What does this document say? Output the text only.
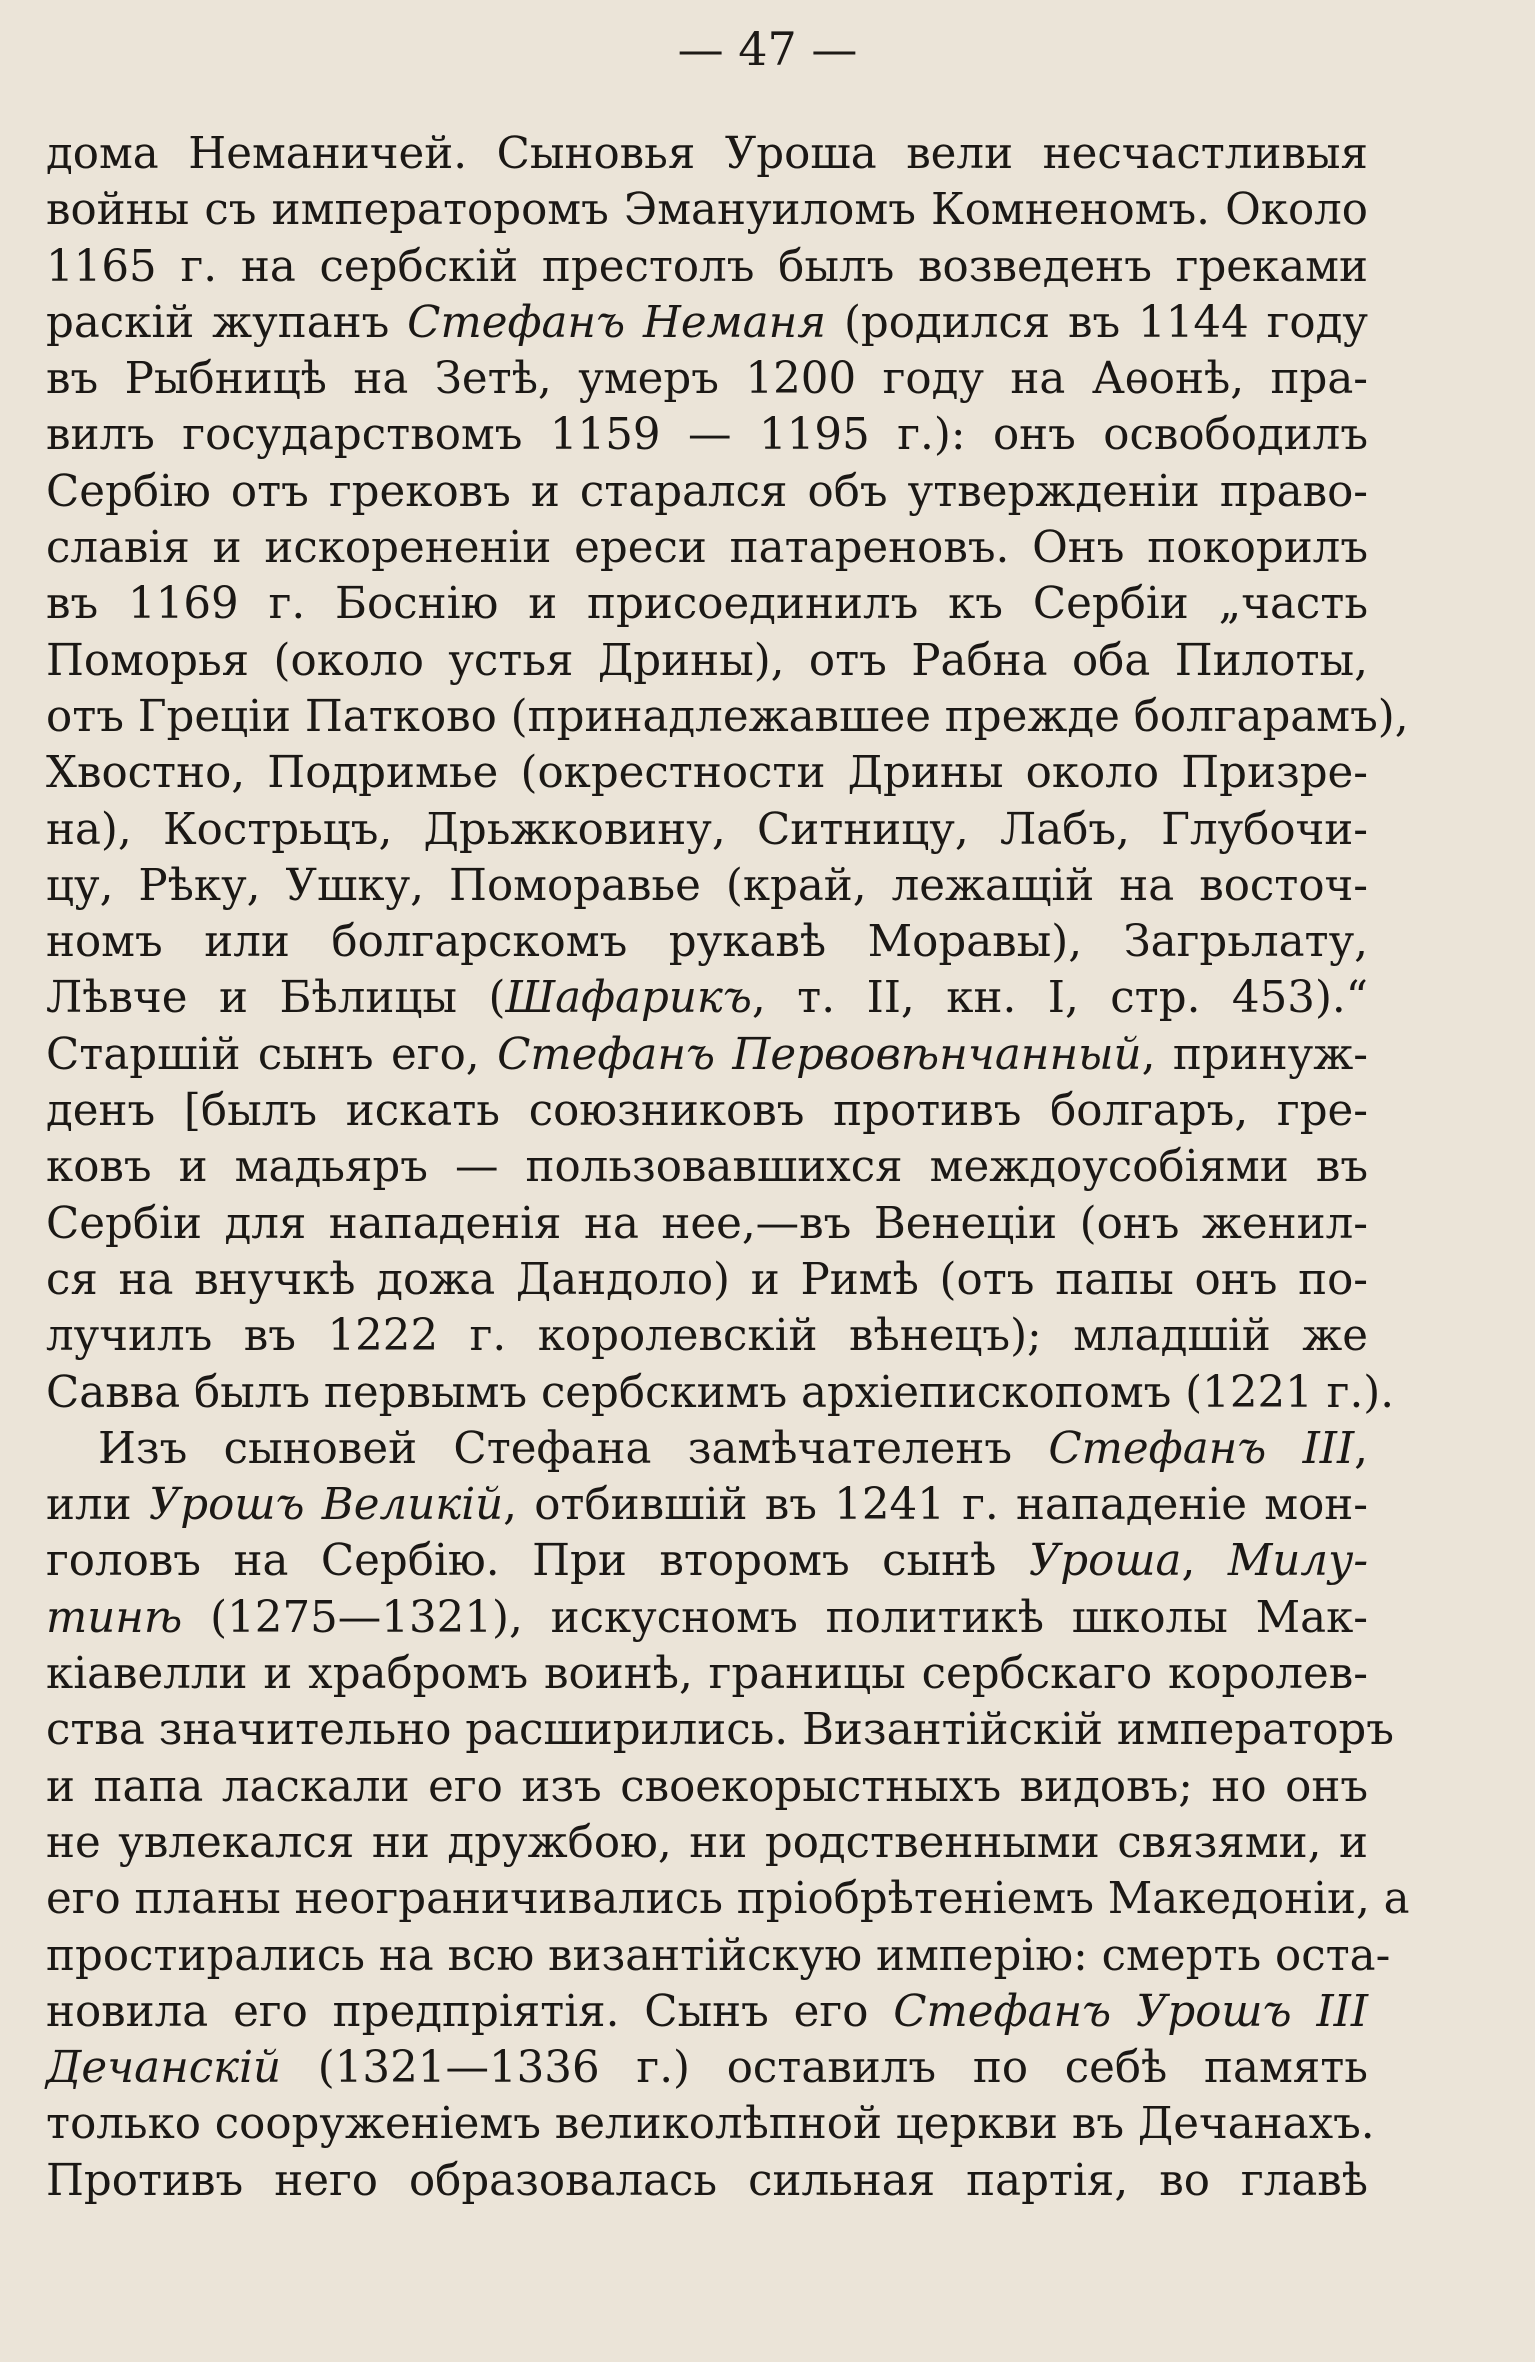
— 47 —
дома Неманичей. Сыновья Уроша вели несчастливыя
войны съ императоромъ Эмануиломъ Комненомъ. Около
1165 г. на сербскій престолъ былъ возведенъ греками
раскій жупанъ Стефанъ Неманя (родился въ 1144 году
въ Рыбницѣ на Зетѣ, умеръ 1200 году на Аѳонѣ, пра-
вилъ государствомъ 1159 — 1195 г.): онъ освободилъ
Сербію отъ грековъ и старался объ утвержденіи право-
славія и искорененіи ереси патареновъ. Онъ покорилъ
въ 1169 г. Боснію и присоединилъ къ Сербіи „часть
Поморья (около устья Дрины), отъ Рабна оба Пилоты,
отъ Греціи Патково (принадлежавшее прежде болгарамъ),
Хвостно, Подримье (окрестности Дрины около Призре-
на), Кострьцъ, Дрьжковину, Ситницу, Лабъ, Глубочи-
цу, Рѣку, Ушку, Поморавье (край, лежащій на восточ-
номъ или болгарскомъ рукавѣ Моравы), Загрьлату,
Лѣвче и Бѣлицы (Шафарикъ, т. II, кн. I, стр. 453).“
Старшій сынъ его, Стефанъ Первовѣнчанный, принуж-
денъ [былъ искать союзниковъ противъ болгаръ, гре-
ковъ и мадьяръ — пользовавшихся междоусобіями въ
Сербіи для нападенія на нее,—въ Венеціи (онъ женил-
ся на внучкѣ дожа Дандоло) и Римѣ (отъ папы онъ по-
лучилъ въ 1222 г. королевскій вѣнецъ); младшій же
Савва былъ первымъ сербскимъ архіепископомъ (1221 г.).
Изъ сыновей Стефана замѣчателенъ Стефанъ III,
или Урошъ Великій, отбившій въ 1241 г. нападеніе мон-
головъ на Сербію. При второмъ сынѣ Уроша, Милу-
тинѣ (1275—1321), искусномъ политикѣ школы Мак-
кіавелли и храбромъ воинѣ, границы сербскаго королев-
ства значительно расширились. Византійскій императоръ
и папа ласкали его изъ своекорыстныхъ видовъ; но онъ
не увлекался ни дружбою, ни родственными связями, и
его планы неограничивались пріобрѣтеніемъ Македоніи, а
простирались на всю византійскую имперію: смерть оста-
новила его предпріятія. Сынъ его Стефанъ Урошъ III
Дечанскій (1321—1336 г.) оставилъ по себѣ память
только сооруженіемъ великолѣпной церкви въ Дечанахъ.
Противъ него образовалась сильная партія, во главѣ
